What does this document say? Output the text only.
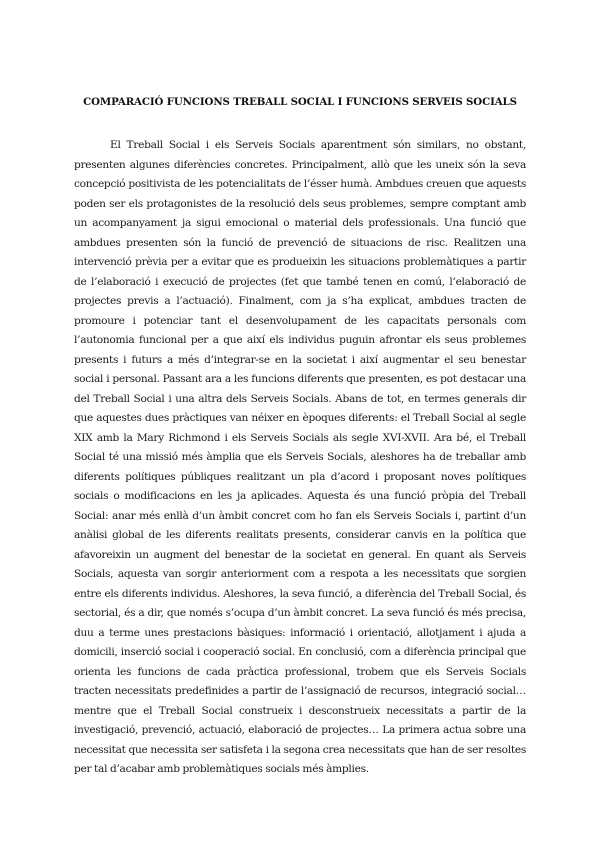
COMPARACIÓ FUNCIONS TREBALL SOCIAL I FUNCIONS SERVEIS SOCIALS

El Treball Social i els Serveis Socials aparentment són similars, no obstant, presenten algunes diferències concretes. Principalment, allò que les uneix són la seva concepció positivista de les potencialitats de l’ésser humà. Ambdues creuen que aquests poden ser els protagonistes de la resolució dels seus problemes, sempre comptant amb un acompanyament ja sigui emocional o material dels professionals. Una funció que ambdues presenten són la funció de prevenció de situacions de risc. Realitzen una intervenció prèvia per a evitar que es produeixin les situacions problemàtiques a partir de l’elaboració i execució de projectes (fet que també tenen en comú, l’elaboració de projectes previs a l’actuació). Finalment, com ja s’ha explicat, ambdues tracten de promoure i potenciar tant el desenvolupament de les capacitats personals com l’autonomia funcional per a que així els individus puguin afrontar els seus problemes presents i futurs a més d’integrar-se en la societat i així augmentar el seu benestar social i personal. Passant ara a les funcions diferents que presenten, es pot destacar una del Treball Social i una altra dels Serveis Socials. Abans de tot, en termes generals dir que aquestes dues pràctiques van néixer en èpoques diferents: el Treball Social al segle XIX amb la Mary Richmond i els Serveis Socials als segle XVI-XVII. Ara bé, el Treball Social té una missió més àmplia que els Serveis Socials, aleshores ha de treballar amb diferents polítiques públiques realitzant un pla d’acord i proposant noves polítiques socials o modificacions en les ja aplicades. Aquesta és una funció pròpia del Treball Social: anar més enllà d’un àmbit concret com ho fan els Serveis Socials i, partint d’un anàlisi global de les diferents realitats presents, considerar canvis en la política que afavoreixin un augment del benestar de la societat en general. En quant als Serveis Socials, aquesta van sorgir anteriorment com a respota a les necessitats que sorgien entre els diferents individus. Aleshores, la seva funció, a diferència del Treball Social, és sectorial, és a dir, que només s’ocupa d’un àmbit concret. La seva funció és més precisa, duu a terme unes prestacions bàsiques: informació i orientació, allotjament i ajuda a domicili, inserció social i cooperació social. En conclusió, com a diferència principal que orienta les funcions de cada pràctica professional, trobem que els Serveis Socials tracten necessitats predefinides a partir de l’assignació de recursos, integració social… mentre que el Treball Social construeix i desconstrueix necessitats a partir de la investigació, prevenció, actuació, elaboració de projectes… La primera actua sobre una necessitat que necessita ser satisfeta i la segona crea necessitats que han de ser resoltes per tal d’acabar amb problemàtiques socials més àmplies.
